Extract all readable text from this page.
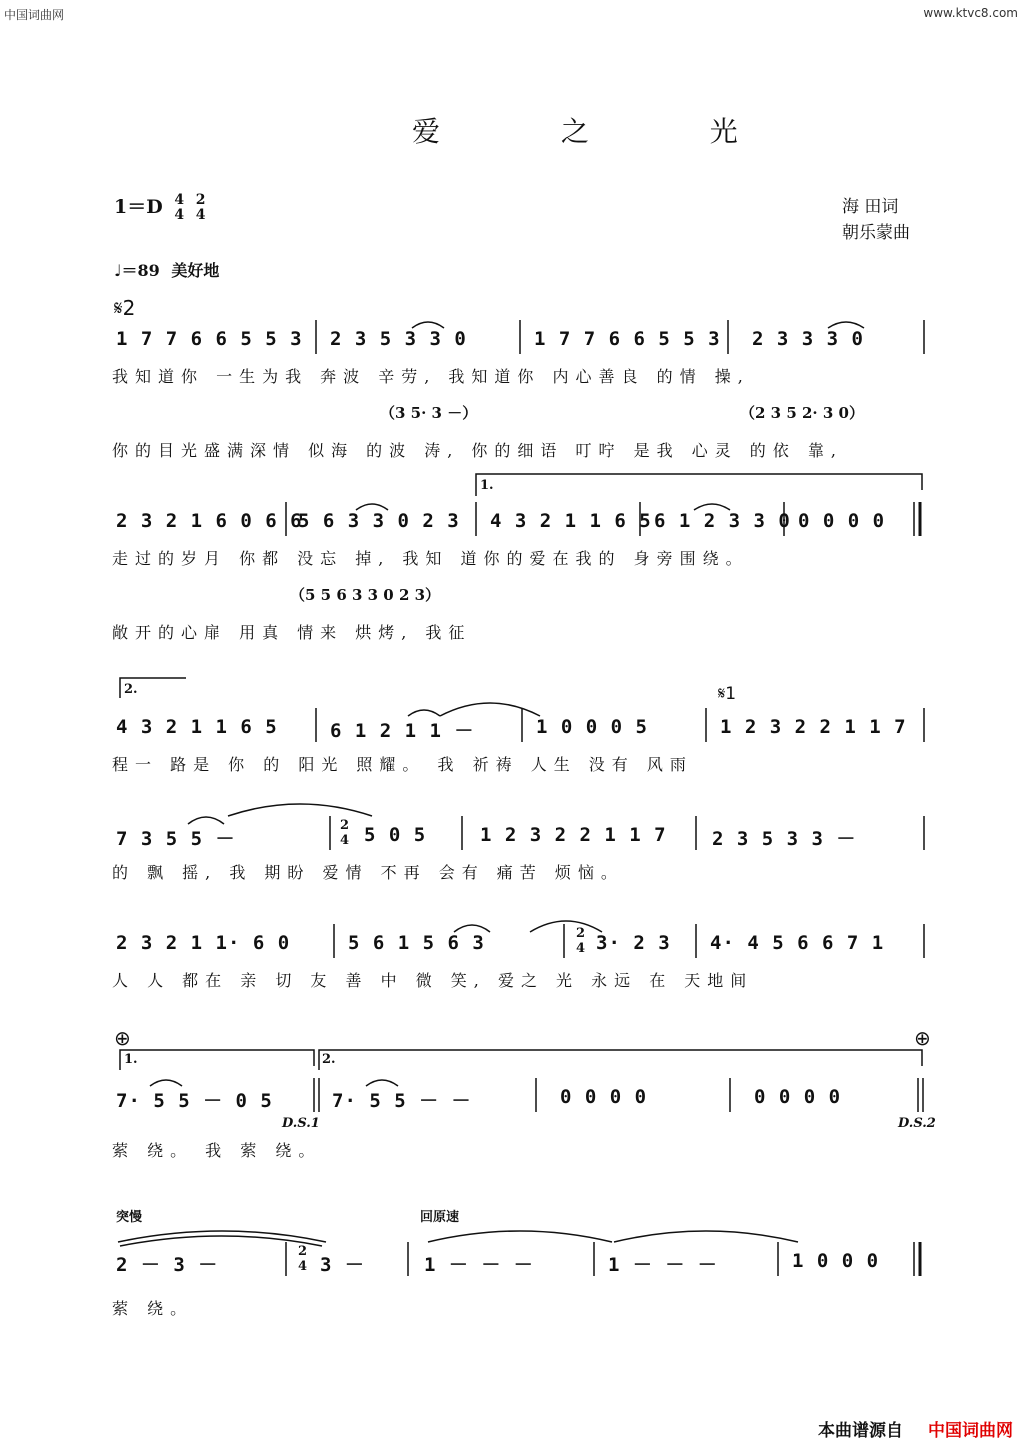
中国词曲网	www.ktvc8.com
爱 之 光
海 田词
朝乐蒙曲
1＝D 4
4 2
4
♩＝89 美好地
𝄋2
1 7 7 6 6 5 5 3 2 3 5 3 3 0	1 7 7 6 6 5 5 3 2 3 3 3 0
我知道你 一生为我 奔波 辛劳, 我知道你 内心善良 的情 操,
（3 5· 3 －）	（2 3 5 2· 3 0）
你的目光盛满深情 似海 的波 涛, 你的细语 叮咛 是我 心灵 的依 靠,
1.
2 3 2 1 6 0 6 6
5 6 3 3 0 2 3 4 3 2 1 1 6 5 6 1 2 3 3 0 0 0 0 0
走过的岁月 你都 没忘 掉, 我知 道你的爱在我的 身旁围绕。
（5 5 6 3 3 0 2 3）
敞开的心扉 用真 情来 烘烤, 我征
2.	𝄋1
4 3 2 1 1 6 5	6 1 2 1 1 －	1 0 0 0 5	1 2 3 2 2 1 1 7
程一 路是 你 的 阳光 照耀。 我 祈祷 人生 没有 风雨
7 3 5 5 －
2
4 5 0 5	1 2 3 2 2 1 1 7 2 3 5 3 3 －
的 飘 摇, 我 期盼 爱情 不再 会有 痛苦 烦恼。
2 3 2 1 1· 6 0	5 6 1 5 6 3	2
4 3· 2 3 4· 4 5 6 6 7 1
人 人 都在 亲 切 友 善 中 微 笑, 爱之 光 永远 在 天地间
⊕	⊕
1.	2.
7· 5 5 － 0 5	7· 5 5 － －	0 0 0 0	0 0 0 0
D.S.1	D.S.2
萦 绕。 我 萦 绕。
突慢	回原速
2 － 3 －
2
4 3 －	1 － － －	1 － － －	1 0 0 0
萦 绕。
本曲谱源自 中国词曲网
